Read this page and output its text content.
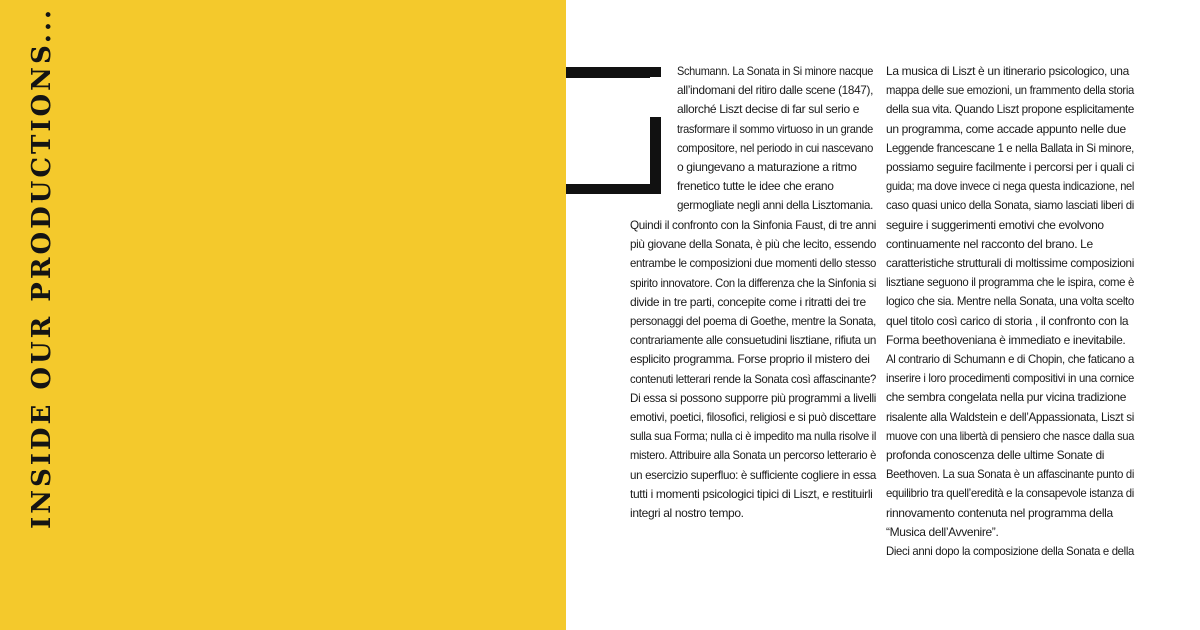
INSIDE OUR PRODUCTIONS...	Schumann. La Sonata in Si minore nacque

all’indomani del ritiro dalle scene (1847),

allorché Liszt decise di far sul serio e

trasformare il sommo virtuoso in un grande

compositore, nel periodo in cui nascevano

o giungevano a maturazione a ritmo

frenetico tutte le idee che erano

germogliate negli anni della Lisztomania.

Quindi il confronto con la Sinfonia Faust, di tre anni

più giovane della Sonata, è più che lecito, essendo

entrambe le composizioni due momenti dello stesso

spirito innovatore. Con la differenza che la Sinfonia si

divide in tre parti, concepite come i ritratti dei tre

personaggi del poema di Goethe, mentre la Sonata,

contrariamente alle consuetudini lisztiane, rifiuta un

esplicito programma. Forse proprio il mistero dei

contenuti letterari rende la Sonata così affascinante?

Di essa si possono supporre più programmi a livelli

emotivi, poetici, filosofici, religiosi e si può discettare

sulla sua Forma; nulla ci è impedito ma nulla risolve il

mistero. Attribuire alla Sonata un percorso letterario è

un esercizio superfluo: è sufficiente cogliere in essa

tutti i momenti psicologici tipici di Liszt, e restituirli

integri al nostro tempo.

La musica di Liszt è un itinerario psicologico, una

mappa delle sue emozioni, un frammento della storia

della sua vita. Quando Liszt propone esplicitamente

un programma, come accade appunto nelle due

Leggende francescane 1 e nella Ballata in Si minore,

possiamo seguire facilmente i percorsi per i quali ci

guida; ma dove invece ci nega questa indicazione, nel

caso quasi unico della Sonata, siamo lasciati liberi di

seguire i suggerimenti emotivi che evolvono

continuamente nel racconto del brano. Le

caratteristiche strutturali di moltissime composizioni

lisztiane seguono il programma che le ispira, come è

logico che sia. Mentre nella Sonata, una volta scelto

quel titolo così carico di storia , il confronto con la

Forma beethoveniana è immediato e inevitabile.

Al contrario di Schumann e di Chopin, che faticano a

inserire i loro procedimenti compositivi in una cornice

che sembra congelata nella pur vicina tradizione

risalente alla Waldstein e dell’Appassionata, Liszt si

muove con una libertà di pensiero che nasce dalla sua

profonda conoscenza delle ultime Sonate di

Beethoven. La sua Sonata è un affascinante punto di

equilibrio tra quell’eredità e la consapevole istanza di

rinnovamento contenuta nel programma della

“Musica dell’Avvenire”.

Dieci anni dopo la composizione della Sonata e della
